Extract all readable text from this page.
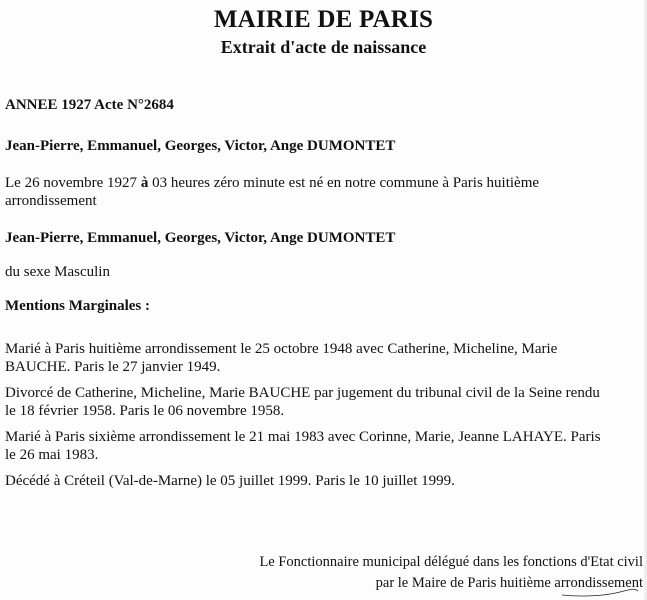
MAIRIE DE PARIS
Extrait d'acte de naissance
ANNEE 1927 Acte N°2684
Jean-Pierre, Emmanuel, Georges, Victor, Ange DUMONTET
Le 26 novembre 1927 à 03 heures zéro minute est né en notre commune à Paris huitième
arrondissement
Jean-Pierre, Emmanuel, Georges, Victor, Ange DUMONTET
du sexe Masculin
Mentions Marginales :
Marié à Paris huitième arrondissement le 25 octobre 1948 avec Catherine, Micheline, Marie
BAUCHE. Paris le 27 janvier 1949.
Divorcé de Catherine, Micheline, Marie BAUCHE par jugement du tribunal civil de la Seine rendu
le 18 février 1958. Paris le 06 novembre 1958.
Marié à Paris sixième arrondissement le 21 mai 1983 avec Corinne, Marie, Jeanne LAHAYE. Paris
le 26 mai 1983.
Décédé à Créteil (Val-de-Marne) le 05 juillet 1999. Paris le 10 juillet 1999.
Le Fonctionnaire municipal délégué dans les fonctions d'Etat civil
par le Maire de Paris huitième arrondissement
